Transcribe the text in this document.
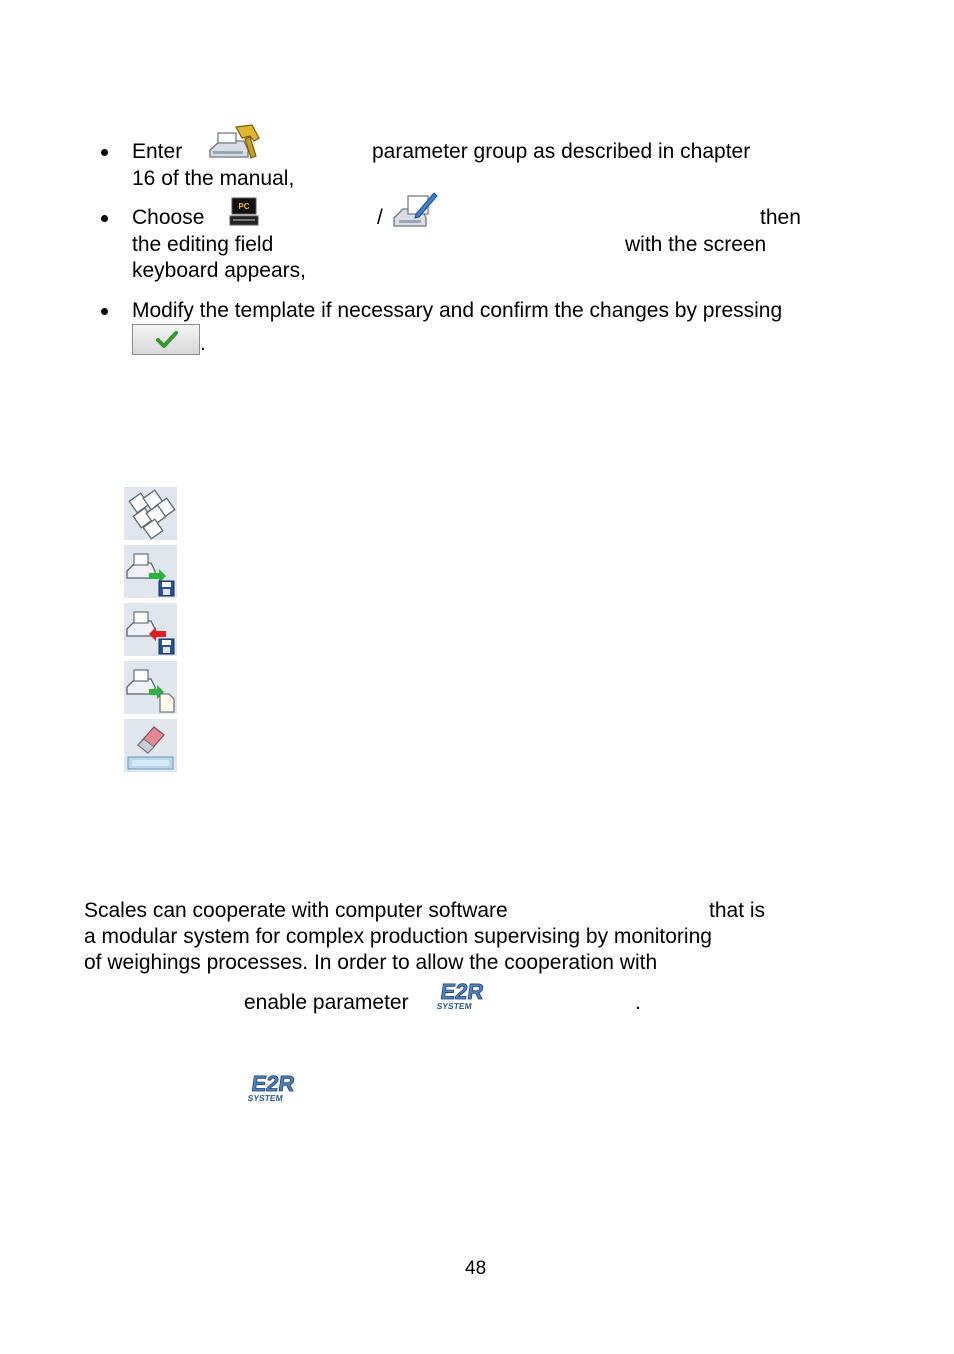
Enter	parameter group as described in chapter
16 of the manual,
Choose	PC	/	then
the editing field	with the screen
keyboard appears,
Modify the template if necessary and confirm the changes by pressing
.
Scales can cooperate with computer software	that is
a modular system for complex production supervising by monitoring
of weighings processes. In order to allow the cooperation with
enable parameter E2R
SYSTEM	.
E2R
SYSTEM
48
